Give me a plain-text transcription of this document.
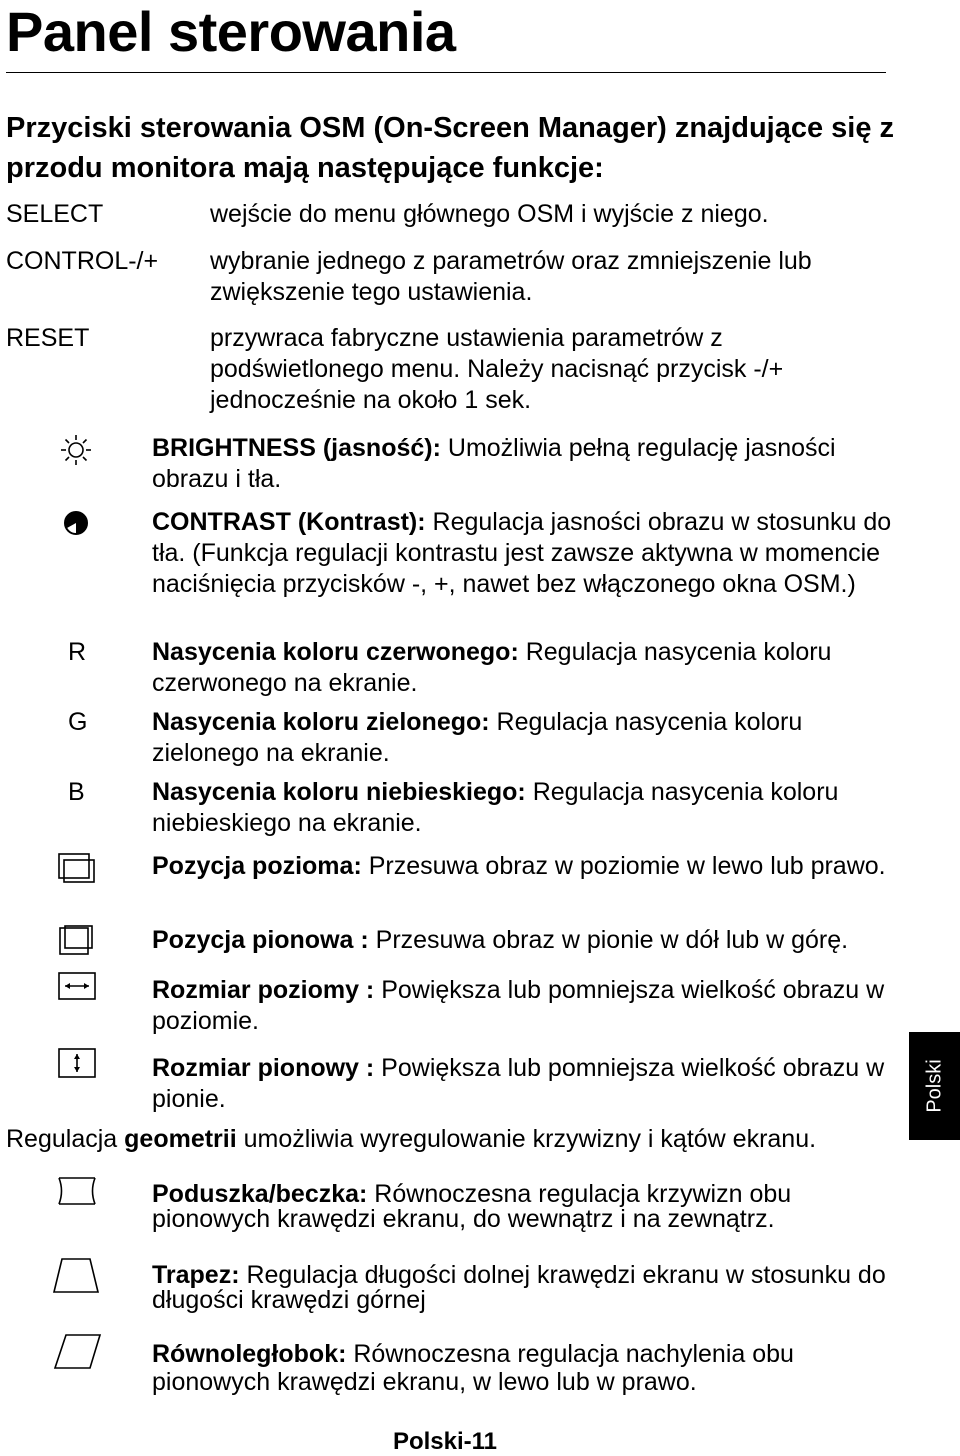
Panel sterowania
Przyciski sterowania OSM (On-Screen Manager) znajdujące się z przodu monitora mają następujące funkcje:
SELECT	wejście do menu głównego OSM i wyjście z niego.
CONTROL-/+ wybranie jednego z parametrów oraz zmniejszenie lub zwiększenie tego ustawienia.
RESET	przywraca fabryczne ustawienia parametrów z podświetlonego menu. Należy nacisnąć przycisk -/+ jednocześnie na około 1 sek.
BRIGHTNESS (jasność): Umożliwia pełną regulację jasności obrazu i tła.
CONTRAST (Kontrast): Regulacja jasności obrazu w stosunku do tła. (Funkcja regulacji kontrastu jest zawsze aktywna w momencie naciśnięcia przycisków -, +, nawet bez włączonego okna OSM.)
R	Nasycenia koloru czerwonego: Regulacja nasycenia koloru czerwonego na ekranie.
G	Nasycenia koloru zielonego: Regulacja nasycenia koloru zielonego na ekranie.
B	Nasycenia koloru niebieskiego: Regulacja nasycenia koloru niebieskiego na ekranie.
Pozycja pozioma: Przesuwa obraz w poziomie w lewo lub prawo.
Pozycja pionowa : Przesuwa obraz w pionie w dół lub w górę.
Rozmiar poziomy : Powiększa lub pomniejsza wielkość obrazu w poziomie.
Rozmiar pionowy : Powiększa lub pomniejsza wielkość obrazu w pionie.	Polski
Regulacja geometrii umożliwia wyregulowanie krzywizny i kątów ekranu.
Poduszka/beczka: Równoczesna regulacja krzywizn obu pionowych krawędzi ekranu, do wewnątrz i na zewnątrz.
Trapez: Regulacja długości dolnej krawędzi ekranu w stosunku do długości krawędzi górnej
Równoległobok: Równoczesna regulacja nachylenia obu pionowych krawędzi ekranu, w lewo lub w prawo.
Polski-11
